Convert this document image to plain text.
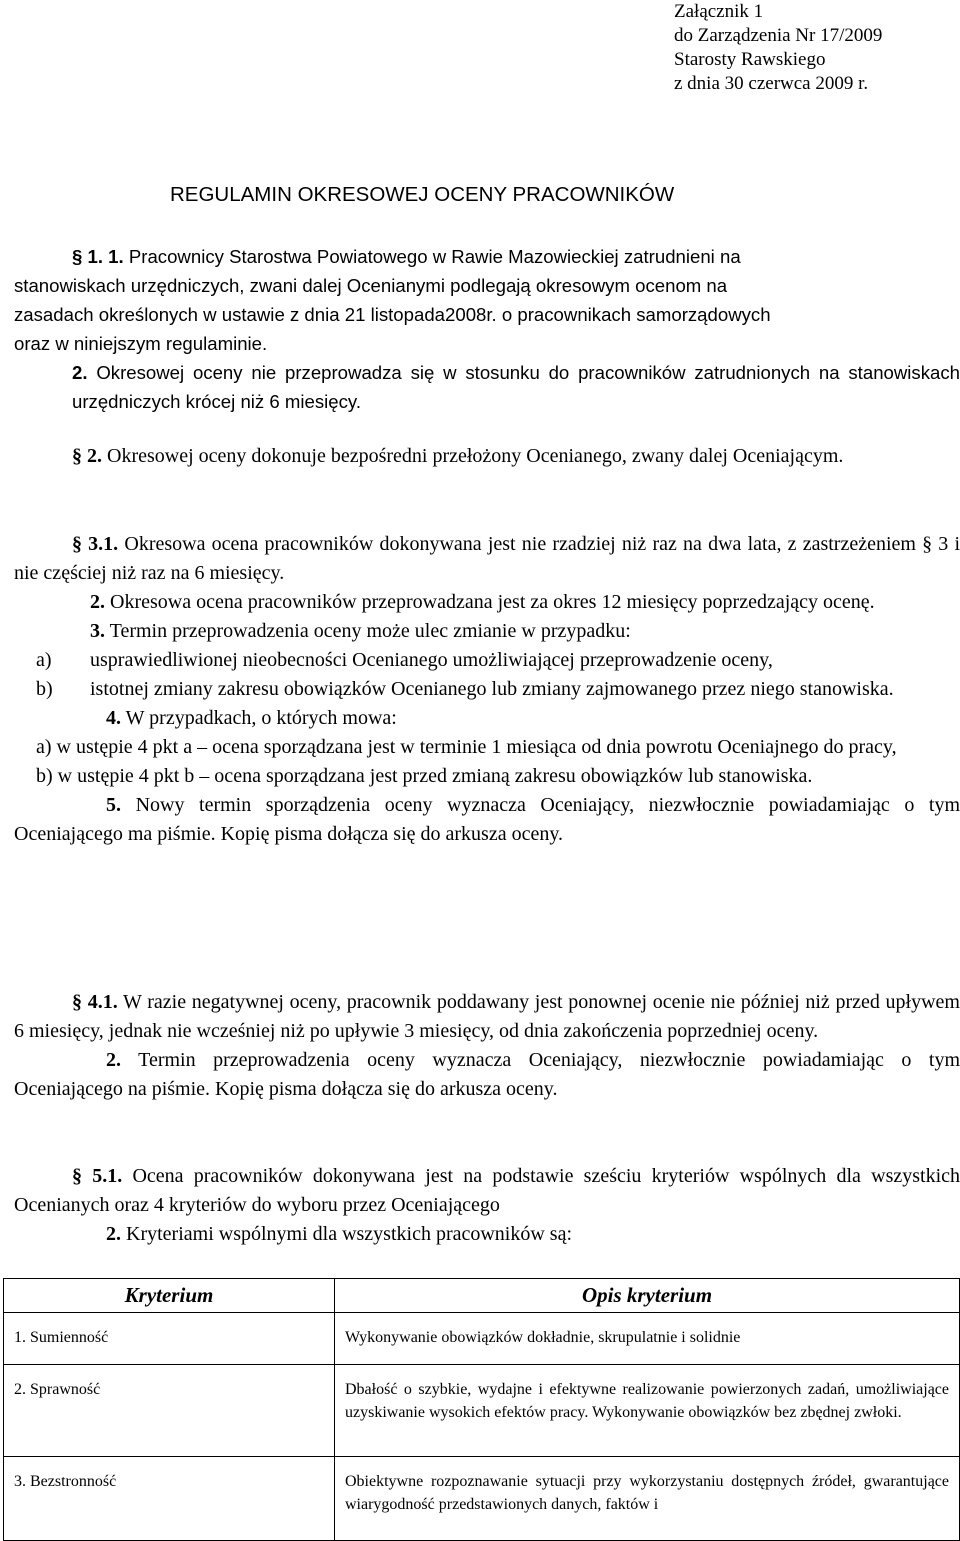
Załącznik 1
do Zarządzenia Nr 17/2009
Starosty Rawskiego
z dnia 30 czerwca 2009 r.
REGULAMIN OKRESOWEJ OCENY PRACOWNIKÓW
§ 1. 1. Pracownicy Starostwa Powiatowego w Rawie Mazowieckiej zatrudnieni na
stanowiskach urzędniczych, zwani dalej Ocenianymi podlegają okresowym ocenom na
zasadach określonych w ustawie z dnia 21 listopada2008r. o pracownikach samorządowych
oraz w niniejszym regulaminie.
2. Okresowej oceny nie przeprowadza się w stosunku do pracowników zatrudnionych na stanowiskach urzędniczych krócej niż 6 miesięcy.
§ 2. Okresowej oceny dokonuje bezpośredni przełożony Ocenianego, zwany dalej Oceniającym.
§ 3.1. Okresowa ocena pracowników dokonywana jest nie rzadziej niż raz na dwa lata, z zastrzeżeniem § 3 i nie częściej niż raz na 6 miesięcy.
2. Okresowa ocena pracowników przeprowadzana jest za okres 12 miesięcy poprzedzający ocenę.
3. Termin przeprowadzenia oceny może ulec zmianie w przypadku:
a)	usprawiedliwionej nieobecności Ocenianego umożliwiającej przeprowadzenie oceny,
b)	istotnej zmiany zakresu obowiązków Ocenianego lub zmiany zajmowanego przez niego stanowiska.
4. W przypadkach, o których mowa:
a) w ustępie 4 pkt a – ocena sporządzana jest w terminie 1 miesiąca od dnia powrotu Oceniajnego do pracy,
b) w ustępie 4 pkt b – ocena sporządzana jest przed zmianą zakresu obowiązków lub stanowiska.
5. Nowy termin sporządzenia oceny wyznacza Oceniający, niezwłocznie powiadamiając o tym Oceniającego ma piśmie. Kopię pisma dołącza się do arkusza oceny.
§ 4.1. W razie negatywnej oceny, pracownik poddawany jest ponownej ocenie nie później niż przed upływem 6 miesięcy, jednak nie wcześniej niż po upływie 3 miesięcy, od dnia zakończenia poprzedniej oceny.
2. Termin przeprowadzenia oceny wyznacza Oceniający, niezwłocznie powiadamiając o tym Oceniającego na piśmie. Kopię pisma dołącza się do arkusza oceny.
§ 5.1. Ocena pracowników dokonywana jest na podstawie sześciu kryteriów wspólnych dla wszystkich Ocenianych oraz 4 kryteriów do wyboru przez Oceniającego
2. Kryteriami wspólnymi dla wszystkich pracowników są:
Kryterium	Opis kryterium
1. Sumienność	Wykonywanie obowiązków dokładnie, skrupulatnie i solidnie
2. Sprawność	Dbałość o szybkie, wydajne i efektywne realizowanie powierzonych zadań, umożliwiające uzyskiwanie wysokich efektów pracy. Wykonywanie obowiązków bez zbędnej zwłoki.
3. Bezstronność	Obiektywne rozpoznawanie sytuacji przy wykorzystaniu dostępnych źródeł, gwarantujące wiarygodność przedstawionych danych, faktów i
